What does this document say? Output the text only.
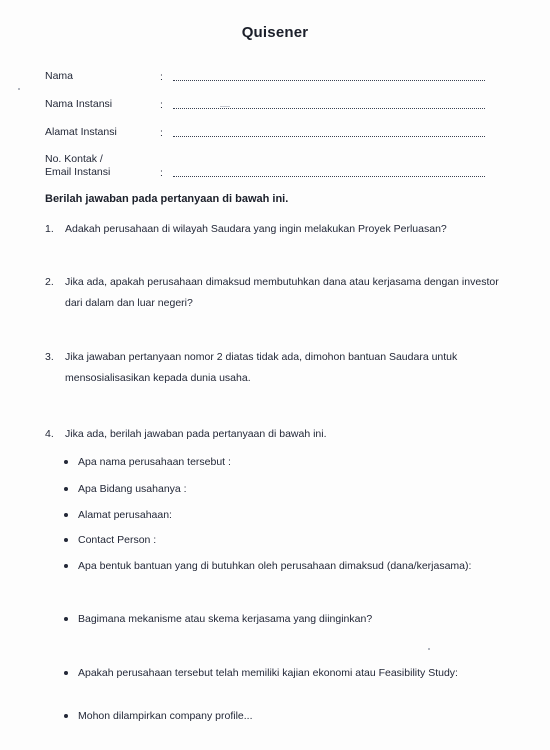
Quisener
Nama	:
Nama Instansi	:
Alamat Instansi	:
No. Kontak /
Email Instansi	:
Berilah jawaban pada pertanyaan di bawah ini.
1. Adakah perusahaan di wilayah Saudara yang ingin melakukan Proyek Perluasan?
2. Jika ada, apakah perusahaan dimaksud membutuhkan dana atau kerjasama dengan investor dari dalam dan luar negeri?
3. Jika jawaban pertanyaan nomor 2 diatas tidak ada, dimohon bantuan Saudara untuk mensosialisasikan kepada dunia usaha.
4. Jika ada, berilah jawaban pada pertanyaan di bawah ini.
Apa nama perusahaan tersebut :
Apa Bidang usahanya :
Alamat perusahaan:
Contact Person :
Apa bentuk bantuan yang di butuhkan oleh perusahaan dimaksud (dana/kerjasama):
Bagimana mekanisme atau skema kerjasama yang diinginkan?
Apakah perusahaan tersebut telah memiliki kajian ekonomi atau Feasibility Study:
Mohon dilampirkan company profile...
